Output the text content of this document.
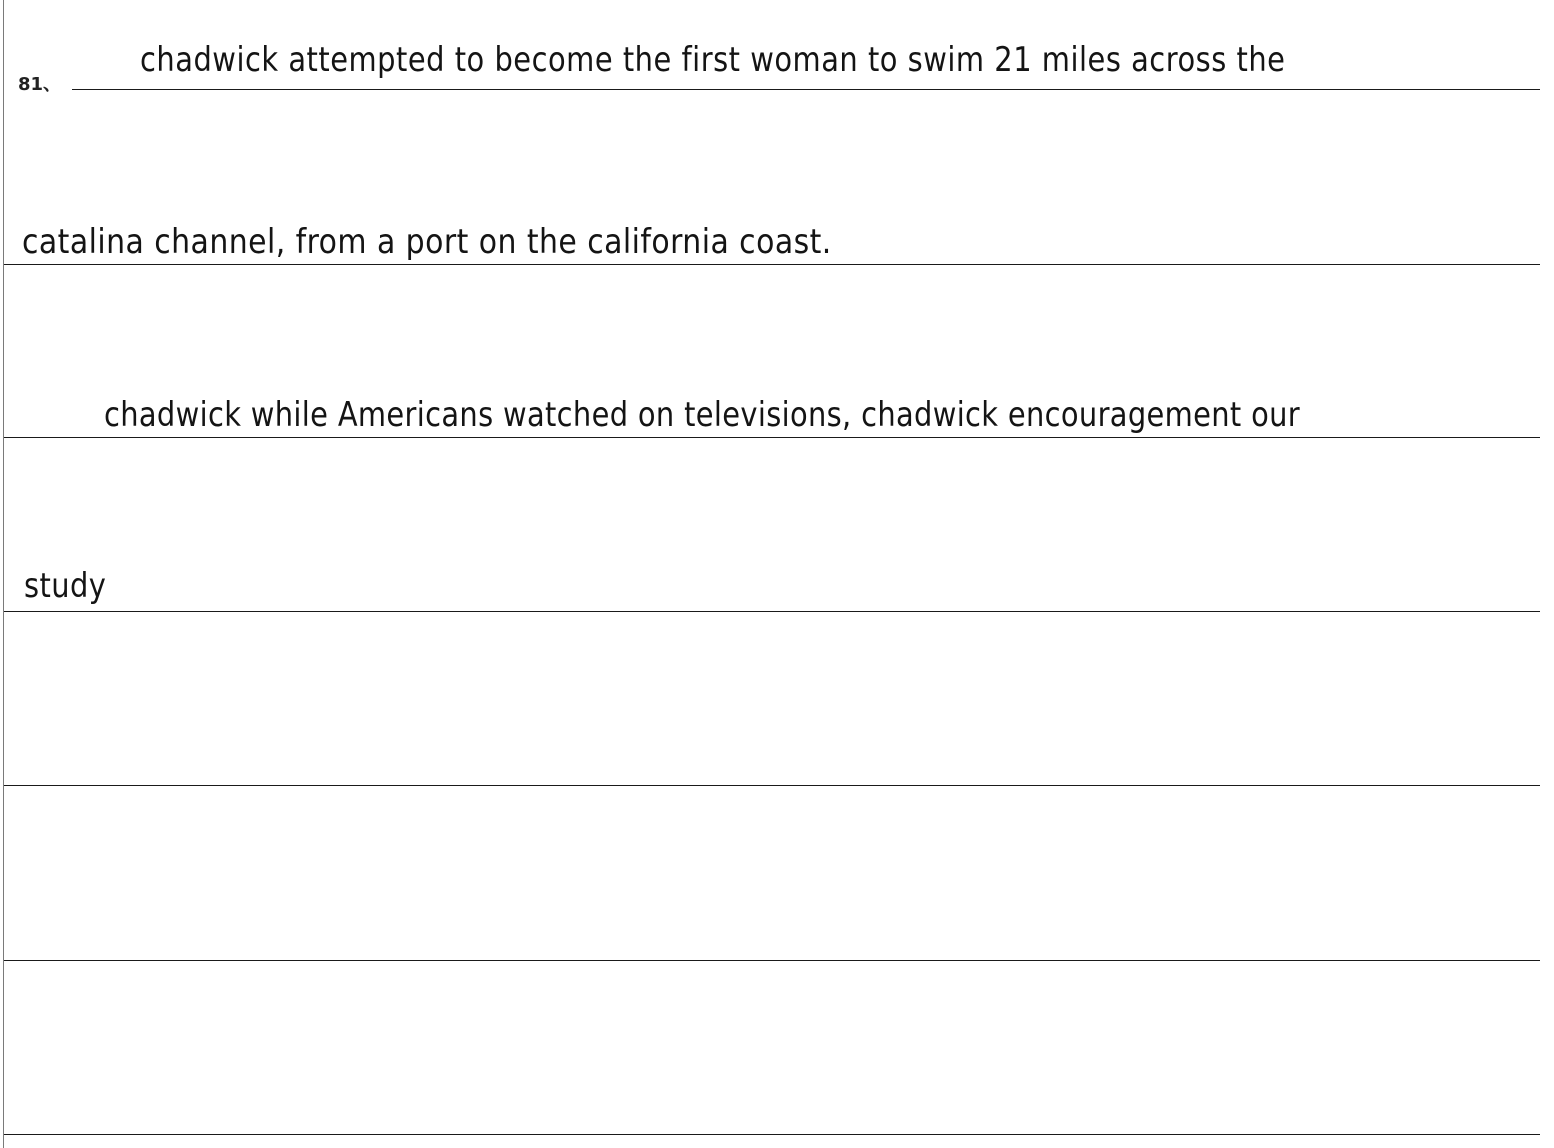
81、
chadwick attempted to become the first woman to swim 21 miles across the
catalina channel, from a port on the california coast.
chadwick while Americans watched on televisions, chadwick encouragement our
study
